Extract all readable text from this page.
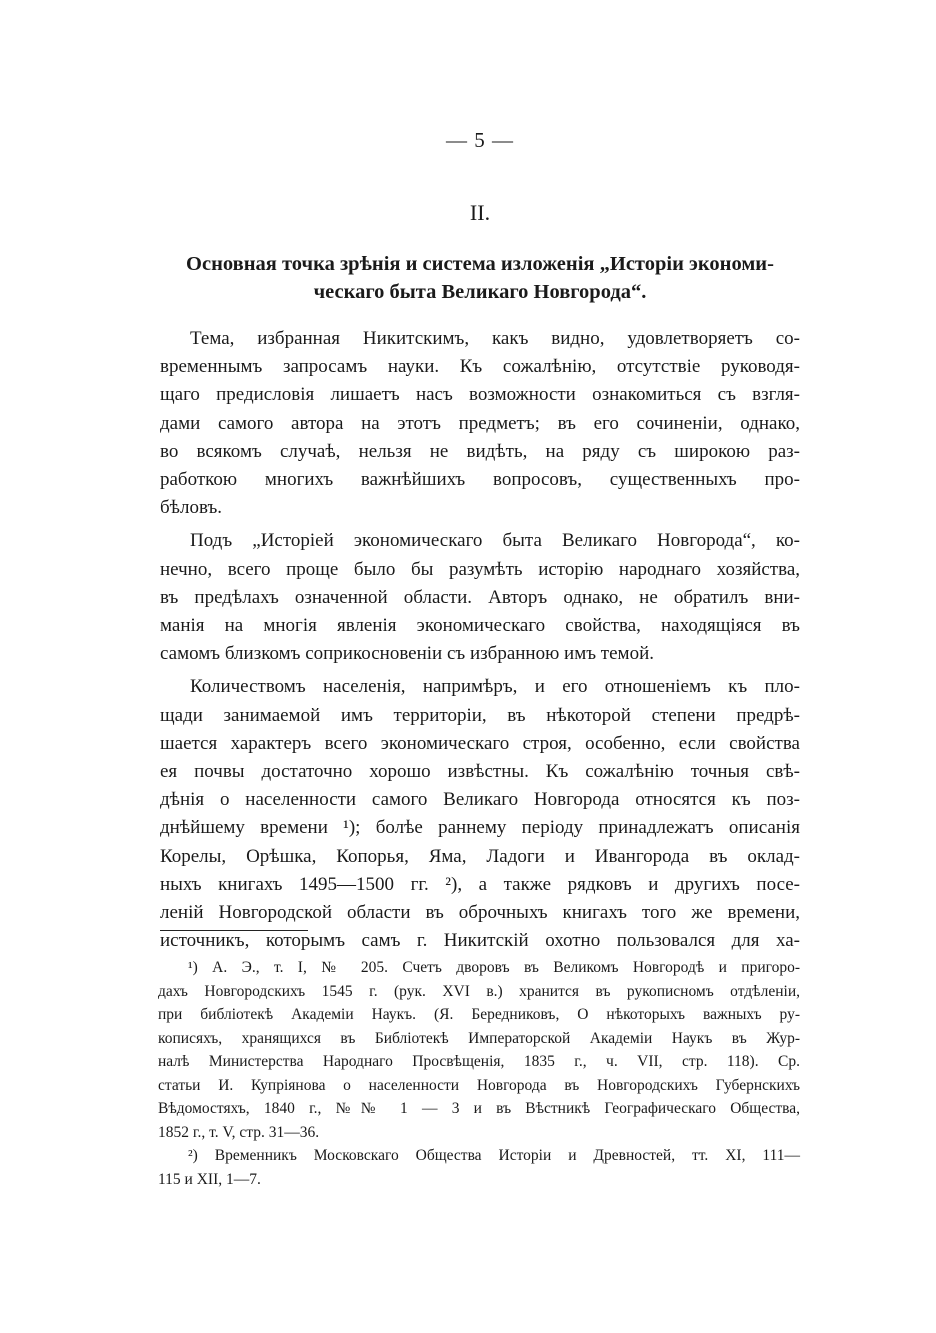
— 5 —
II.
Основная точка зрѣнія и система изложенія „Исторіи экономи-
ческаго быта Великаго Новгорода“.
Тема, избранная Никитскимъ, какъ видно, удовлетворяетъ со-
временнымъ запросамъ науки. Къ сожалѣнію, отсутствіе руководя-
щаго предисловія лишаетъ насъ возможности ознакомиться съ взгля-
дами самого автора на этотъ предметъ; въ его сочиненіи, однако,
во всякомъ случаѣ, нельзя не видѣть, на ряду съ широкою раз-
работкою многихъ важнѣйшихъ вопросовъ, существенныхъ про-
бѣловъ.
Подъ „Исторіей экономическаго быта Великаго Новгорода“, ко-
нечно, всего проще было бы разумѣть исторію народнаго хозяйства,
въ предѣлахъ означенной области. Авторъ однако, не обратилъ вни-
манія на многія явленія экономическаго свойства, находящіяся въ
самомъ близкомъ соприкосновеніи съ избранною имъ темой.
Количествомъ населенія, напримѣръ, и его отношеніемъ къ пло-
щади занимаемой имъ территоріи, въ нѣкоторой степени предрѣ-
шается характеръ всего экономическаго строя, особенно, если свойства
ея почвы достаточно хорошо извѣстны. Къ сожалѣнію точныя свѣ-
дѣнія о населенности самого Великаго Новгорода относятся къ поз-
днѣйшему времени ¹); болѣе раннему періоду принадлежатъ описанія
Корелы, Орѣшка, Копорья, Яма, Ладоги и Ивангорода въ оклад-
ныхъ книгахъ 1495—1500 гг. ²), а также рядковъ и другихъ посе-
леній Новгородской области въ оброчныхъ книгахъ того же времени,
источникъ, которымъ самъ г. Никитскій охотно пользовался для ха-
¹) А. Э., т. I, № 205. Счетъ дворовъ въ Великомъ Новгородѣ и пригоро-
дахъ Новгородскихъ 1545 г. (рук. XVI в.) хранится въ рукописномъ отдѣленіи,
при библіотекѣ Академіи Наукъ. (Я. Бередниковъ, О нѣкоторыхъ важныхъ ру-
кописяхъ, хранящихся въ Библіотекѣ Императорской Академіи Наукъ въ Жур-
налѣ Министерства Народнаго Просвѣщенія, 1835 г., ч. VII, стр. 118). Ср.
статьи И. Купріянова о населенности Новгорода въ Новгородскихъ Губернскихъ
Вѣдомостяхъ, 1840 г., №№ 1 — 3 и въ Вѣстникѣ Географическаго Общества,
1852 г., т. V, стр. 31—36.
²) Временникъ Московскаго Общества Исторіи и Древностей, тт. XI, 111—
115 и XII, 1—7.
